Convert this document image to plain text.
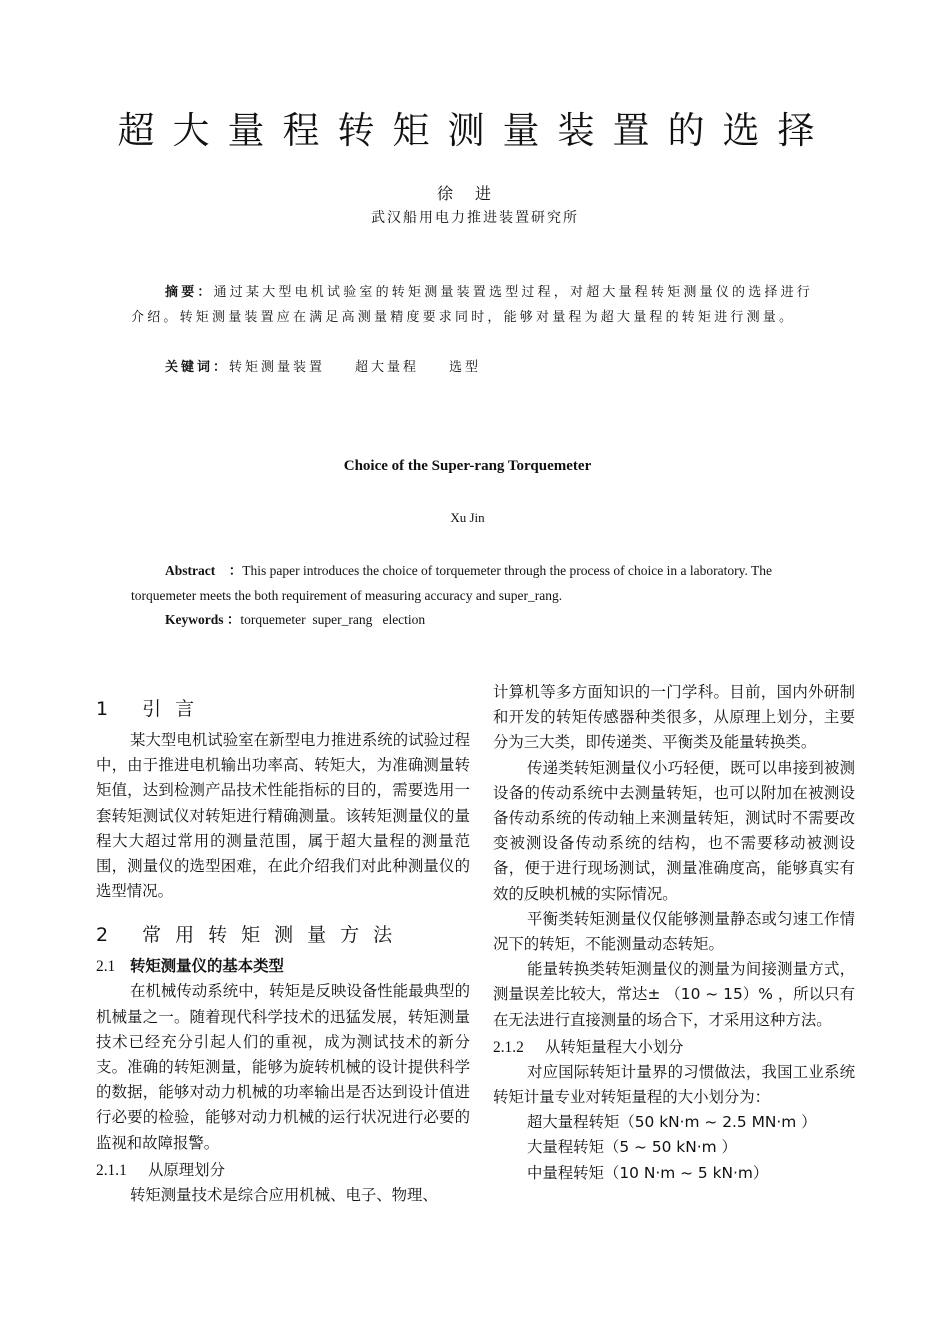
超大量程转矩测量装置的选择
徐进
武汉船用电力推进装置研究所
摘要：通过某大型电机试验室的转矩测量装置选型过程，对超大量程转矩测量仪的选择进行介绍。转矩测量装置应在满足高测量精度要求同时，能够对量程为超大量程的转矩进行测量。
关键词：转矩测量装置 超大量程 选型
Choice of the Super-rang Torquemeter
Xu Jin
Abstract ：This paper introduces the choice of torquemeter through the process of choice in a laboratory. The torquemeter meets the both requirement of measuring accuracy and super_rang.
Keywords ：torquemeter  super_rang   election
1 引言

某大型电机试验室在新型电力推进系统的试验过程中，由于推进电机输出功率高、转矩大，为准确测量转矩值，达到检测产品技术性能指标的目的，需要选用一套转矩测试仪对转矩进行精确测量。该转矩测量仪的量程大大超过常用的测量范围，属于超大量程的测量范围，测量仪的选型困难，在此介绍我们对此种测量仪的选型情况。

2 常用转矩测量方法
2.1 转矩测量仪的基本类型

在机械传动系统中，转矩是反映设备性能最典型的机械量之一。随着现代科学技术的迅猛发展，转矩测量技术已经充分引起人们的重视，成为测试技术的新分支。准确的转矩测量，能够为旋转机械的设计提供科学的数据，能够对动力机械的功率输出是否达到设计值进行必要的检验，能够对动力机械的运行状况进行必要的监视和故障报警。

2.1.1 从原理划分

转矩测量技术是综合应用机械、电子、物理、

计算机等多方面知识的一门学科。目前，国内外研制和开发的转矩传感器种类很多，从原理上划分，主要分为三大类，即传递类、平衡类及能量转换类。

传递类转矩测量仪小巧轻便，既可以串接到被测设备的传动系统中去测量转矩，也可以附加在被测设备传动系统的传动轴上来测量转矩，测试时不需要改变被测设备传动系统的结构，也不需要移动被测设备，便于进行现场测试，测量准确度高，能够真实有效的反映机械的实际情况。

平衡类转矩测量仪仅能够测量静态或匀速工作情况下的转矩，不能测量动态转矩。

能量转换类转矩测量仪的测量为间接测量方式，测量误差比较大，常达± （10 ~ 15）% ，所以只有在无法进行直接测量的场合下，才采用这种方法。

2.1.2 从转矩量程大小划分

对应国际转矩计量界的习惯做法，我国工业系统转矩计量专业对转矩量程的大小划分为：

超大量程转矩（50 kN·m ~ 2.5 MN·m ）
大量程转矩（5 ~ 50 kN·m ）
中量程转矩（10 N·m ~ 5 kN·m）
